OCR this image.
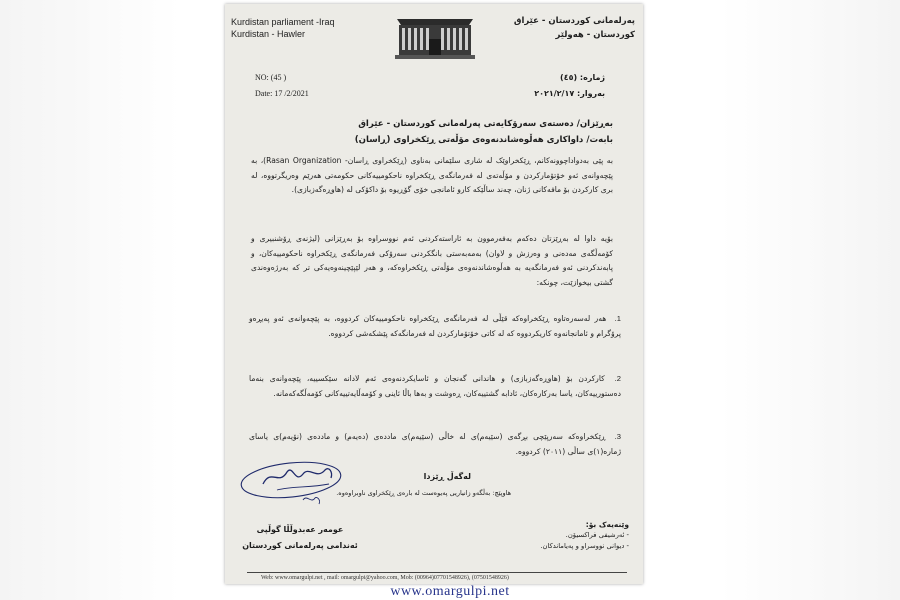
Kurdistan parliament -Iraq
Kurdistan - Hawler
پەرلەمانی کوردستان - عێراق
کوردستان - هەولێر
NO: (45 )
Date: 17 /2/2021
ژمارە: (٤٥)
بەروار: ٢٠٢١/٢/١٧
بەڕێزان/ دەستەی سەرۆکایەتی پەرلەمانی کوردستان - عێراق
بابەت/ داواکاری هەڵوەشاندنەوەی مۆڵەتی ڕێکخراوی (ڕاسان)
بە پێی بەدواداچوونەکانم، ڕێکخراوێک لە شاری سلێمانی بەناوی (ڕێکخراوی ڕاسان- Rasan Organization)، بە پێچەوانەی ئەو خۆتۆمارکردن و مۆڵەتەی لە فەرمانگەی ڕێکخراوە ناحکومییەکانی حکومەتی هەرێم وەریگرتووە، لە بری کارکردن بۆ مافەکانی ژنان، چەند ساڵێکە کارو ئامانجی خۆی گۆڕیوە بۆ داکۆکی لە (هاوڕەگەزبازی).
بۆیە داوا لە بەڕێزتان دەکەم بەفەرموون بە ئاراستەکردنی ئەم نووسراوە بۆ بەڕێزانی (لیژنەی ڕۆشنبیری و کۆمەڵگەی مەدەنی و وەرزش و لاوان) بەمەبەستی بانگکردنی سەرۆکی فەرمانگەی ڕێکخراوە ناحکومییەکان، و پابەندکردنی ئەو فەرمانگەیە بە هەڵوەشاندنەوەی مۆڵەتی ڕێکخراوەکە، و هەر لێپێچینەوەیەکی تر کە بەرژەوەندی گشتی بیخوازێت، چونکە:
1. هەر لەسەرەتاوە ڕێکخراوەکە قێڵی لە فەرمانگەی ڕێکخراوە ناحکومییەکان کردووە، بە پێچەوانەی ئەو پەیڕەو پرۆگرام و ئامانجانەوە کاریکردووە کە لە کاتی خۆتۆمارکردن لە فەرمانگەکە پێشکەشی کردووە.
2. کارکردن بۆ (هاوڕەگەزبازی) و هاندانی گەنجان و ئاسایکردنەوەی ئەم لادانە سێکسییە، پێچەوانەی بنەما دەستورییەکان، یاسا بەرکارەکان، ئادابە گشتییەکان، ڕەوشت و بەها باڵا ئاینی و کۆمەڵایەتییەکانی کۆمەڵگەکەمانە.
3. ڕێکخراوەکە سەرپێچی بڕگەی (سێیەم)ی لە خاڵی (سێیەم)ی ماددەی (دەیەم) و ماددەی (نۆیەم)ی یاسای ژمارە(١)ی ساڵی (٢٠١١) کردووە.
عومەر عەبدوڵڵا گوڵپی
ئەندامی پەرلەمانی کوردستان
لەگەڵ ڕێزدا
هاوپێچ: بەڵگەو زانیاریی پەیوەست لە بارەی ڕێکخراوی ناوبراوەوە.
وێنەیەک بۆ:
- ئەرشیفی فراکسیۆن.
- دیوانی نووسراو و پەیاماندکان.
Web: www.omargulpi.net , mail: omargulpi@yahoo.com, Mob: (00964)07701548926), (07501548926)
www.omargulpi.net
